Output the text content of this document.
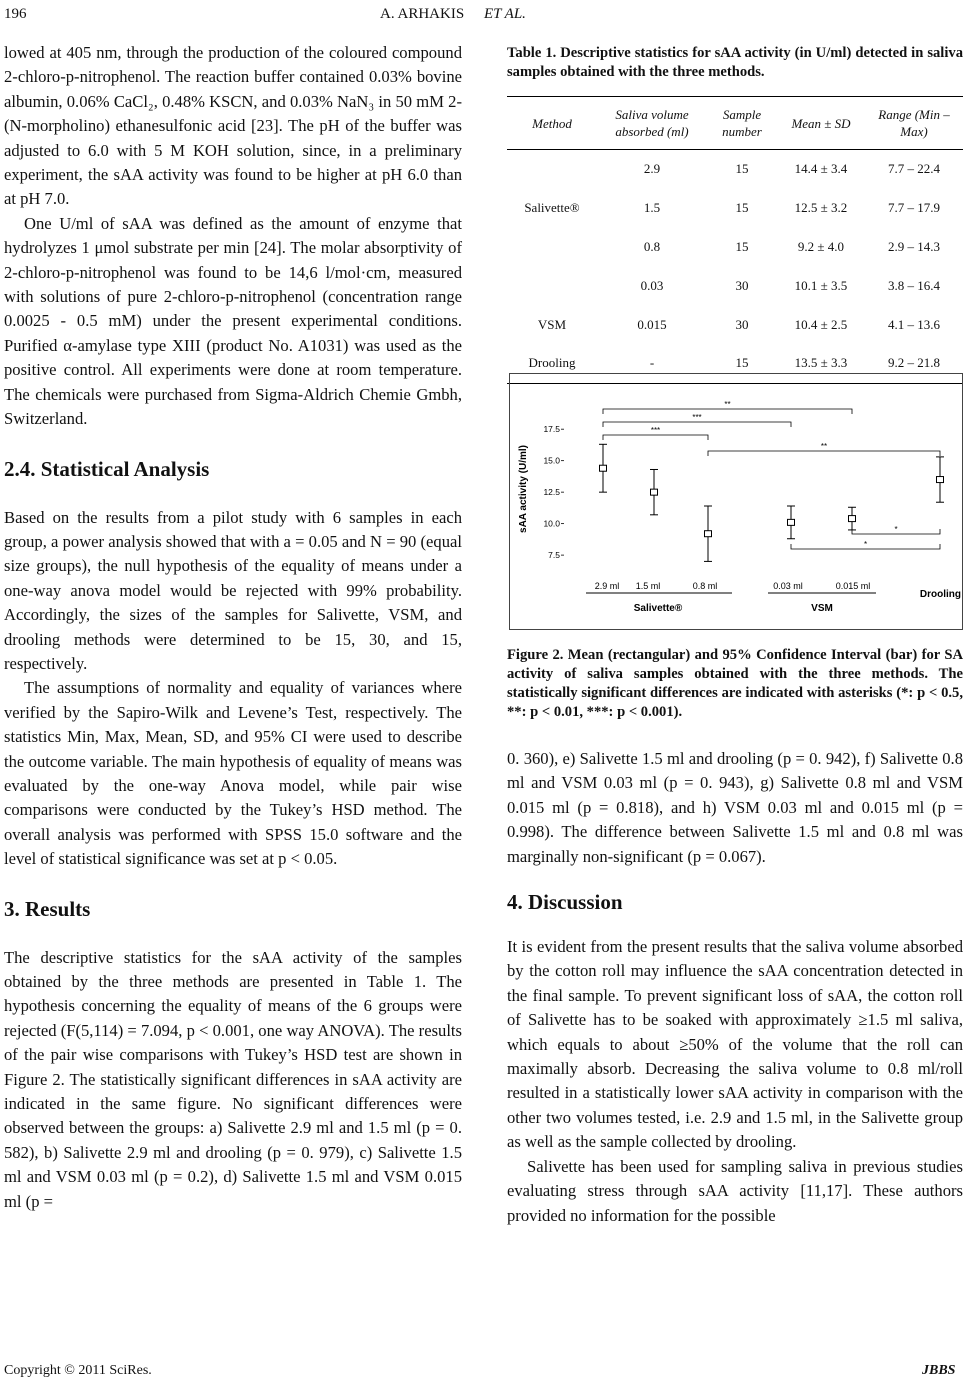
196	A. ARHAKIS ET AL.

lowed at 405 nm, through the production of the coloured compound 2-chloro-p-nitrophenol. The reaction buffer contained 0.03% bovine albumin, 0.06% CaCl₂, 0.48% KSCN, and 0.03% NaN₃ in 50 mM 2-(N-morpholino) ethanesulfonic acid [23]. The pH of the buffer was adjusted to 6.0 with 5 M KOH solution, since, in a preliminary experiment, the sAA activity was found to be higher at pH 6.0 than at pH 7.0.

One U/ml of sAA was defined as the amount of enzyme that hydrolyzes 1 μmol substrate per min [24]. The molar absorptivity of 2-chloro-p-nitrophenol was found to be 14,6 l/mol·cm, measured with solutions of pure 2-chloro-p-nitrophenol (concentration range 0.0025 - 0.5 mM) under the present experimental conditions. Purified α-amylase type XIII (product No. A1031) was used as the positive control. All experiments were done at room temperature. The chemicals were purchased from Sigma-Aldrich Chemie Gmbh, Switzerland.

2.4. Statistical Analysis

Based on the results from a pilot study with 6 samples in each group, a power analysis showed that with a = 0.05 and N = 90 (equal size groups), the null hypothesis of the equality of means under a one-way anova model would be rejected with 99% probability. Accordingly, the sizes of the samples for Salivette, VSM, and drooling methods were determined to be 15, 30, and 15, respectively.

The assumptions of normality and equality of variances where verified by the Sapiro-Wilk and Levene’s Test, respectively. The statistics Min, Max, Mean, SD, and 95% CI were used to describe the outcome variable. The main hypothesis of equality of means was evaluated by the one-way Anova model, while pair wise comparisons were conducted by the Tukey’s HSD method. The overall analysis was performed with SPSS 15.0 software and the level of statistical significance was set at p < 0.05.

3. Results

The descriptive statistics for the sAA activity of the samples obtained by the three methods are presented in Table 1. The hypothesis concerning the equality of means of the 6 groups were rejected (F(5,114) = 7.094, p < 0.001, one way ANOVA). The results of the pair wise comparisons with Tukey’s HSD test are shown in Figure 2. The statistically significant differences in sAA activity are indicated in the same figure. No significant differences were observed between the groups: a) Salivette 2.9 ml and 1.5 ml (p = 0. 582), b) Salivette 2.9 ml and drooling (p = 0. 979), c) Salivette 1.5 ml and VSM 0.03 ml (p = 0.2), d) Salivette 1.5 ml and VSM 0.015 ml (p =

Table 1. Descriptive statistics for sAA activity (in U/ml) detected in saliva samples obtained with the three methods.
Method	Saliva volume absorbed (ml)	Sample number	Mean ± SD	Range (Min – Max)
	2.9	15	14.4 ± 3.4	7.7 – 22.4
Salivette®	1.5	15	12.5 ± 3.2	7.7 – 17.9
	0.8	15	9.2 ± 4.0	2.9 – 14.3
	0.03	30	10.1 ± 3.5	3.8 – 16.4
VSM	0.015	30	10.4 ± 2.5	4.1 – 13.6
Drooling	-	15	13.5 ± 3.3	9.2 – 21.8
sAA activity (U/ml)
7.5
10.0
12.5
15.0
17.5
**
***
***
**
*
*
2.9 ml 1.5 ml	0.8 ml	0.03 ml	0.015 ml
Salivette®	VSM
Drooling
Figure 2. Mean (rectangular) and 95% Confidence Interval (bar) for SA activity of saliva samples obtained with the three methods. The statistically significant differences are indicated with asterisks (*: p < 0.5, **: p < 0.01, ***: p < 0.001).

0. 360), e) Salivette 1.5 ml and drooling (p = 0. 942), f) Salivette 0.8 ml and VSM 0.03 ml (p = 0. 943), g) Salivette 0.8 ml and VSM 0.015 ml (p = 0.818), and h) VSM 0.03 ml and 0.015 ml (p = 0.998). The difference between Salivette 1.5 ml and 0.8 ml was marginally non-significant (p = 0.067).

4. Discussion

It is evident from the present results that the saliva volume absorbed by the cotton roll may influence the sAA concentration detected in the final sample. To prevent significant loss of sAA, the cotton roll of Salivette has to be soaked with approximately ≥1.5 ml saliva, which equals to about ≥50% of the volume that the roll can maximally absorb. Decreasing the saliva volume to 0.8 ml/roll resulted in a statistically lower sAA activity in comparison with the other two volumes tested, i.e. 2.9 and 1.5 ml, in the Salivette group as well as the sample collected by drooling.

Salivette has been used for sampling saliva in previous studies evaluating stress through sAA activity [11,17]. These authors provided no information for the possible

Copyright © 2011 SciRes.	JBBS
